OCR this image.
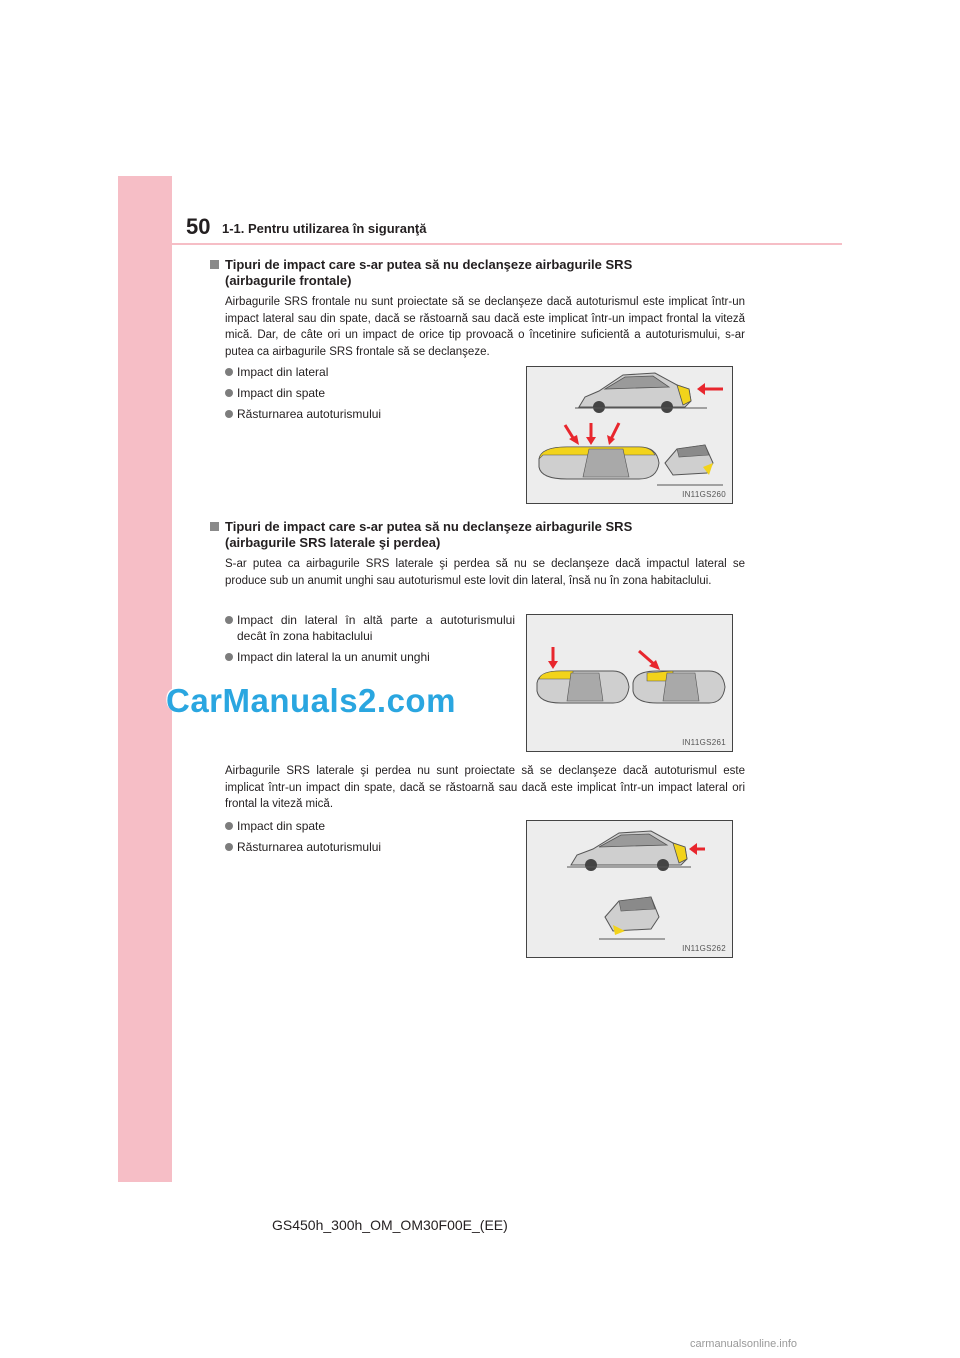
50 1-1. Pentru utilizarea în siguranţă
Tipuri de impact care s-ar putea să nu declanşeze airbagurile SRS
(airbagurile frontale)
Airbagurile SRS frontale nu sunt proiectate să se declanşeze dacă autoturismul este implicat într-un impact lateral sau din spate, dacă se răstoarnă sau dacă este implicat într-un impact frontal la viteză mică. Dar, de câte ori un impact de orice tip provoacă o încetinire suficientă a autoturismului, s-ar putea ca airbagurile SRS frontale să se declanşeze.
Impact din lateral
Impact din spate
Răsturnarea autoturismului
IN11GS260
Tipuri de impact care s-ar putea să nu declanşeze airbagurile SRS
(airbagurile SRS laterale şi perdea)
S-ar putea ca airbagurile SRS laterale şi perdea să nu se declanşeze dacă impactul lateral se produce sub un anumit unghi sau autoturismul este lovit din lateral, însă nu în zona habitaclului.
Impact din lateral în altă parte a autoturismului decât în zona habitaclului
Impact din lateral la un anumit unghi
IN11GS261
CarManuals2.com
Airbagurile SRS laterale şi perdea nu sunt proiectate să se declanşeze dacă autoturismul este implicat într-un impact din spate, dacă se răstoarnă sau dacă este implicat într-un impact lateral ori frontal la viteză mică.
Impact din spate
Răsturnarea autoturismului
IN11GS262
GS450h_300h_OM_OM30F00E_(EE)
carmanualsonline.info
